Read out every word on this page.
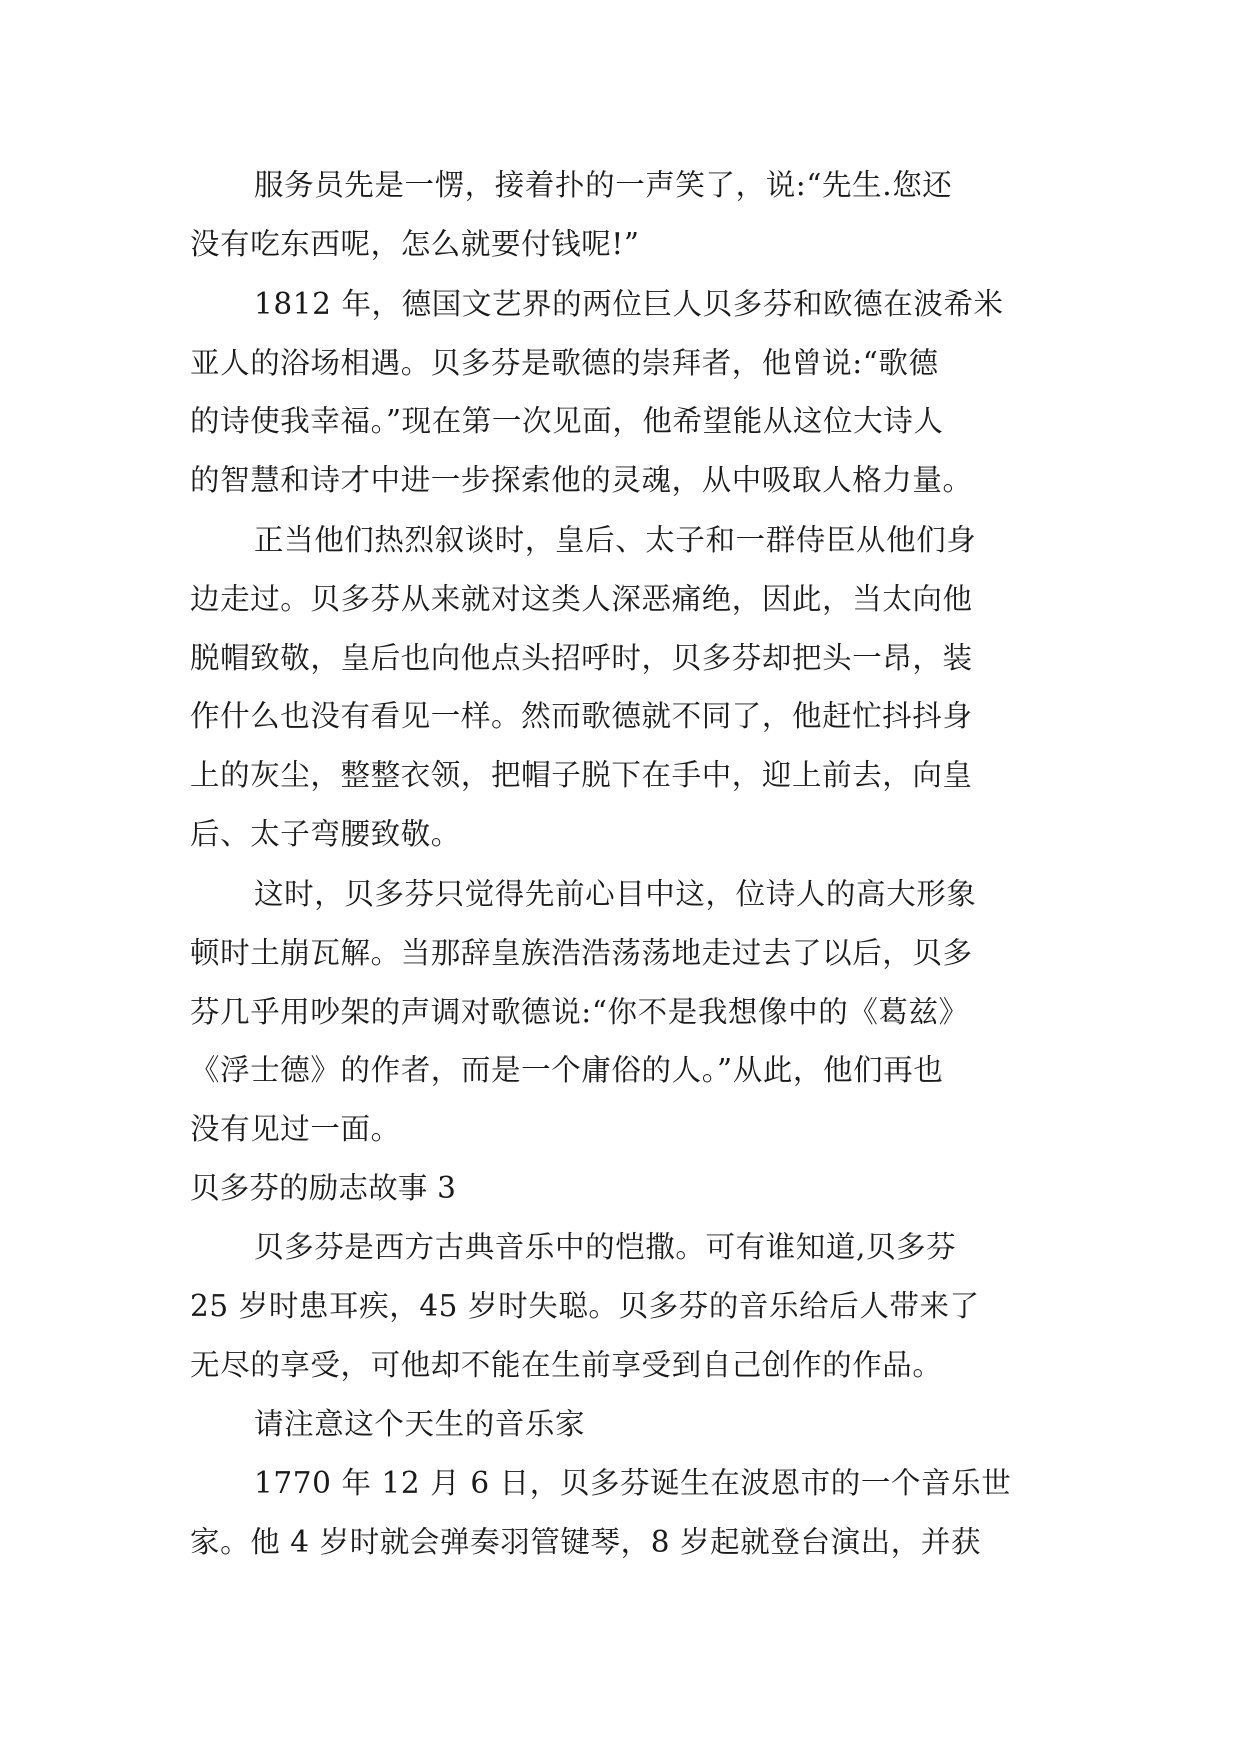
服务员先是一愣，接着扑的一声笑了，说:“先生.您还
没有吃东西呢，怎么就要付钱呢!”
1812 年，德国文艺界的两位巨人贝多芬和欧德在波希米
亚人的浴场相遇。贝多芬是歌德的崇拜者，他曾说:“歌德
的诗使我幸福。”现在第一次见面，他希望能从这位大诗人
的智慧和诗才中进一步探索他的灵魂，从中吸取人格力量。
正当他们热烈叙谈时，皇后、太子和一群侍臣从他们身
边走过。贝多芬从来就对这类人深恶痛绝，因此，当太向他
脱帽致敬，皇后也向他点头招呼时，贝多芬却把头一昂，装
作什么也没有看见一样。然而歌德就不同了，他赶忙抖抖身
上的灰尘，整整衣领，把帽子脱下在手中，迎上前去，向皇
后、太子弯腰致敬。
这时，贝多芬只觉得先前心目中这，位诗人的高大形象
顿时土崩瓦解。当那辞皇族浩浩荡荡地走过去了以后，贝多
芬几乎用吵架的声调对歌德说:“你不是我想像中的《葛兹》
《浮士德》的作者，而是一个庸俗的人。”从此，他们再也
没有见过一面。
贝多芬的励志故事 3
贝多芬是西方古典音乐中的恺撒。可有谁知道,贝多芬
25 岁时患耳疾，45 岁时失聪。贝多芬的音乐给后人带来了
无尽的享受，可他却不能在生前享受到自己创作的作品。
请注意这个天生的音乐家
1770 年 12 月 6 日，贝多芬诞生在波恩市的一个音乐世
家。他 4 岁时就会弹奏羽管键琴，8 岁起就登台演出，并获
